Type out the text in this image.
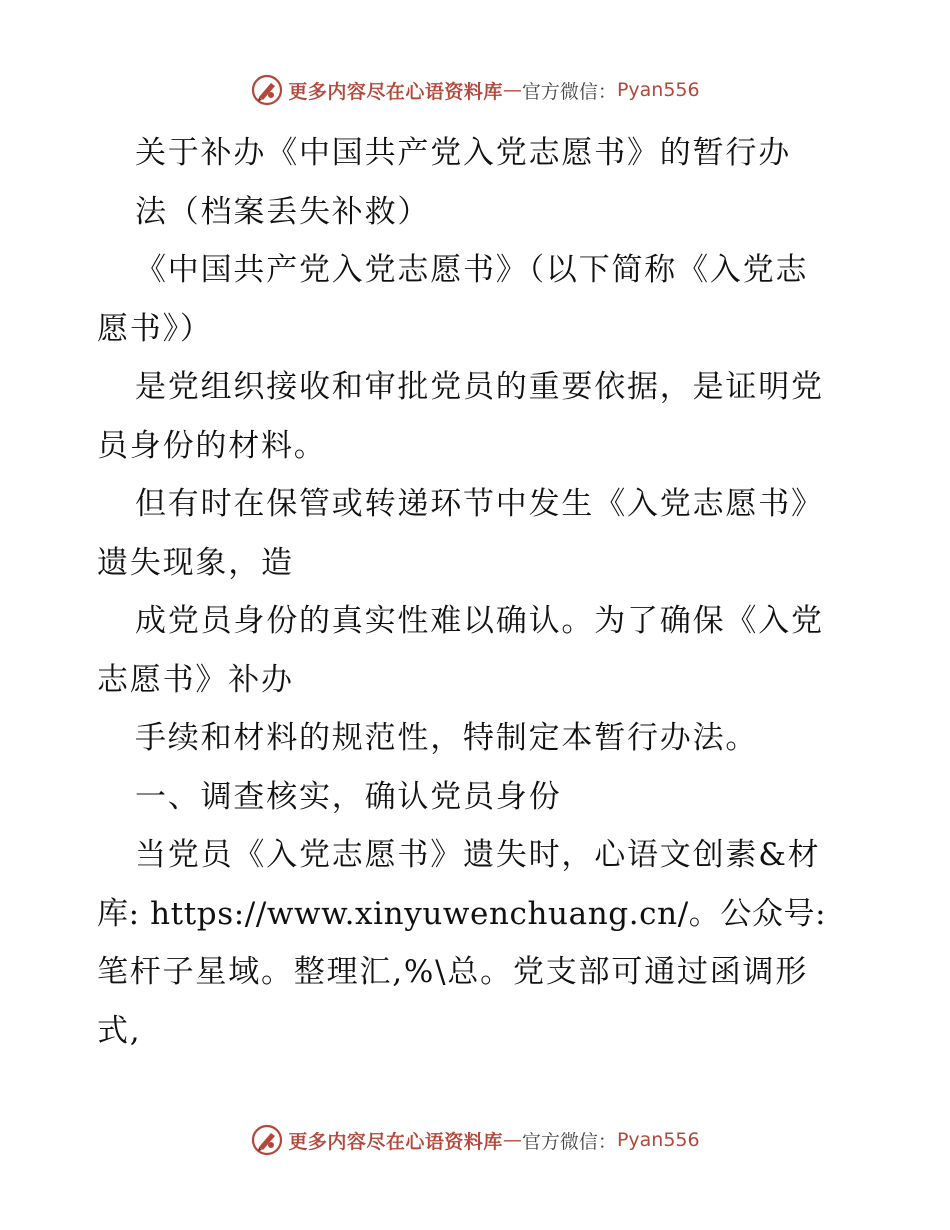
更多内容尽在心语资料库 — 官方微信： Pyan556
关于补办《中国共产党入党志愿书》的暂行办
法（档案丢失补救）
《中国共产党入党志愿书》（以下简称《入党志
愿书》）
是党组织接收和审批党员的重要依据，是证明党
员身份的材料。
但有时在保管或转递环节中发生《入党志愿书》
遗失现象，造
成党员身份的真实性难以确认。为了确保《入党
志愿书》补办
手续和材料的规范性，特制定本暂行办法。
一、调查核实，确认党员身份
当党员《入党志愿书》遗失时，心语文创素&材
库: https://www.xinyuwenchuang.cn/。公众号:
笔杆子星域。整理汇,%\总。党支部可通过函调形
式,
更多内容尽在心语资料库 — 官方微信： Pyan556
